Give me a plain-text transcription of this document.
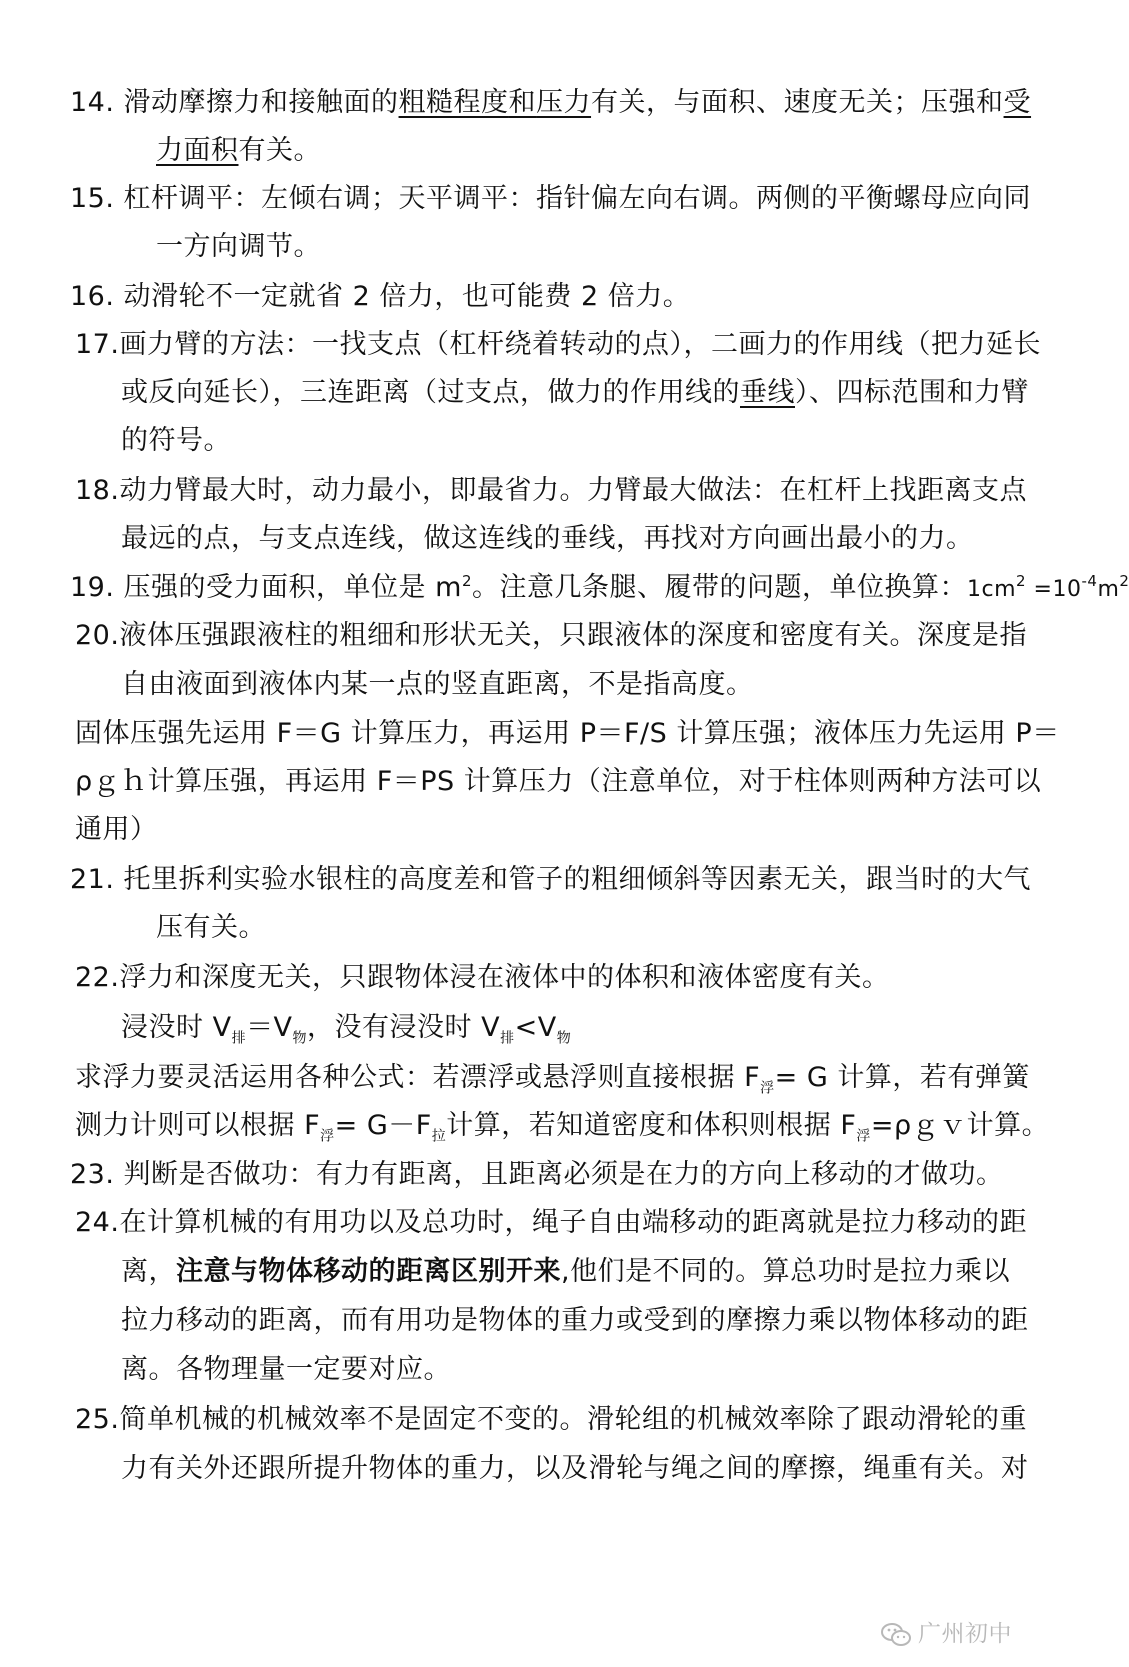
14. 滑动摩擦力和接触面的粗糙程度和压力有关，与面积、速度无关；压强和受
力面积有关。
15. 杠杆调平：左倾右调；天平调平：指针偏左向右调。两侧的平衡螺母应向同
一方向调节。
16. 动滑轮不一定就省 2 倍力，也可能费 2 倍力。
17.画力臂的方法：一找支点（杠杆绕着转动的点），二画力的作用线（把力延长
或反向延长），三连距离（过支点，做力的作用线的垂线）、四标范围和力臂
的符号。
18.动力臂最大时，动力最小，即最省力。力臂最大做法：在杠杆上找距离支点
最远的点，与支点连线，做这连线的垂线，再找对方向画出最小的力。
19. 压强的受力面积，单位是 $m^2$。注意几条腿、履带的问题，单位换算：$1cm^2 =10^{-4}m^2$
20.液体压强跟液柱的粗细和形状无关，只跟液体的深度和密度有关。深度是指
自由液面到液体内某一点的竖直距离，不是指高度。
固体压强先运用 F＝G 计算压力，再运用 P＝F/S 计算压强；液体压力先运用 P＝
ρｇｈ计算压强，再运用 F＝PS 计算压力（注意单位，对于柱体则两种方法可以
通用）
21. 托里拆利实验水银柱的高度差和管子的粗细倾斜等因素无关，跟当时的大气
压有关。
22.浮力和深度无关，只跟物体浸在液体中的体积和液体密度有关。
浸没时 $V_排=V_物$，没有浸没时 $V_排<V_物$
求浮力要灵活运用各种公式：若漂浮或悬浮则直接根据 $F_浮= G$ 计算，若有弹簧
测力计则可以根据 $F_浮= G-F_拉$计算，若知道密度和体积则根据 $F_浮=\rho gv$计算。
23. 判断是否做功：有力有距离，且距离必须是在力的方向上移动的才做功。
24.在计算机械的有用功以及总功时，绳子自由端移动的距离就是拉力移动的距
离，注意与物体移动的距离区别开来,他们是不同的。算总功时是拉力乘以
拉力移动的距离，而有用功是物体的重力或受到的摩擦力乘以物体移动的距
离。各物理量一定要对应。
25.简单机械的机械效率不是固定不变的。滑轮组的机械效率除了跟动滑轮的重
力有关外还跟所提升物体的重力，以及滑轮与绳之间的摩擦，绳重有关。对
广州初中
